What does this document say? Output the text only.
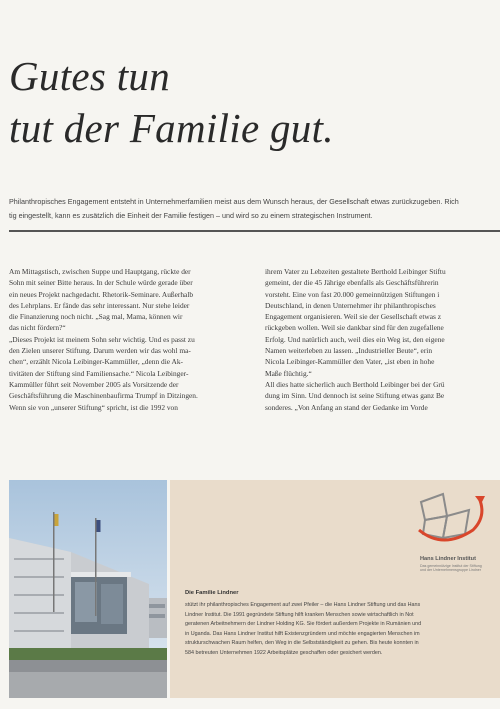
Gutes tun
tut der Familie gut.
Philanthropisches Engagement entsteht in Unternehmerfamilien meist aus dem Wunsch heraus, der Gesellschaft etwas zurückzugeben. Rich
tig eingestellt, kann es zusätzlich die Einheit der Familie festigen – und wird so zu einem strategischen Instrument.
Am Mittagstisch, zwischen Suppe und Hauptgang, rückte der
Sohn mit seiner Bitte heraus. In der Schule würde gerade über
ein neues Projekt nachgedacht. Rhetorik-Seminare. Außerhalb
des Lehrplans. Er fände das sehr interessant. Nur stehe leider
die Finanzierung noch nicht. „Sag mal, Mama, können wir
das nicht fördern?“
„Dieses Projekt ist meinem Sohn sehr wichtig. Und es passt zu
den Zielen unserer Stiftung. Darum werden wir das wohl ma-
chen“, erzählt Nicola Leibinger-Kammüller, „denn die Ak-
tivitäten der Stiftung sind Familiensache.“ Nicola Leibinger-
Kammüller führt seit November 2005 als Vorsitzende der
Geschäftsführung die Maschinenbaufirma Trumpf in Ditzingen.
Wenn sie von „unserer Stiftung“ spricht, ist die 1992 von
ihrem Vater zu Lebzeiten gestaltete Berthold Leibinger Stiftu
gemeint, der die 45 Jährige ebenfalls als Geschäftsführerin
vorsteht. Eine von fast 20.000 gemeinnützigen Stiftungen i
Deutschland, in denen Unternehmer ihr philanthropisches
Engagement organisieren. Weil sie der Gesellschaft etwas z
rückgeben wollen. Weil sie dankbar sind für den zugefallene
Erfolg. Und natürlich auch, weil dies ein Weg ist, den eigene
Namen weiterleben zu lassen. „Industrieller Beute“, erin
Nicola Leibinger-Kammüller den Vater, „ist eben in hohe
Maße flüchtig.“
All dies hatte sicherlich auch Berthold Leibinger bei der Grü
dung im Sinn. Und dennoch ist seine Stiftung etwas ganz Be
sonderes. „Von Anfang an stand der Gedanke im Vorde
Hans Lindner Institut
Das gemeinnützige Institut der Stiftung
und der Unternehmensgruppe Lindner
Die Familie Lindner
stützt ihr philanthropisches Engagement auf zwei Pfeiler – die Hans Lindner Stiftung und das Hans
Lindner Institut. Die 1991 gegründete Stiftung hilft kranken Menschen sowie wirtschaftlich in Not
geratenen Arbeitnehmern der Lindner Holding KG. Sie fördert außerdem Projekte in Rumänien und
in Uganda. Das Hans Lindner Institut hilft Existenzgründern und möchte engagierten Menschen im
strukturschwachen Raum helfen, den Weg in die Selbstständigkeit zu gehen. Bis heute konnten in
584 betreuten Unternehmen 1922 Arbeitsplätze geschaffen oder gesichert werden.
